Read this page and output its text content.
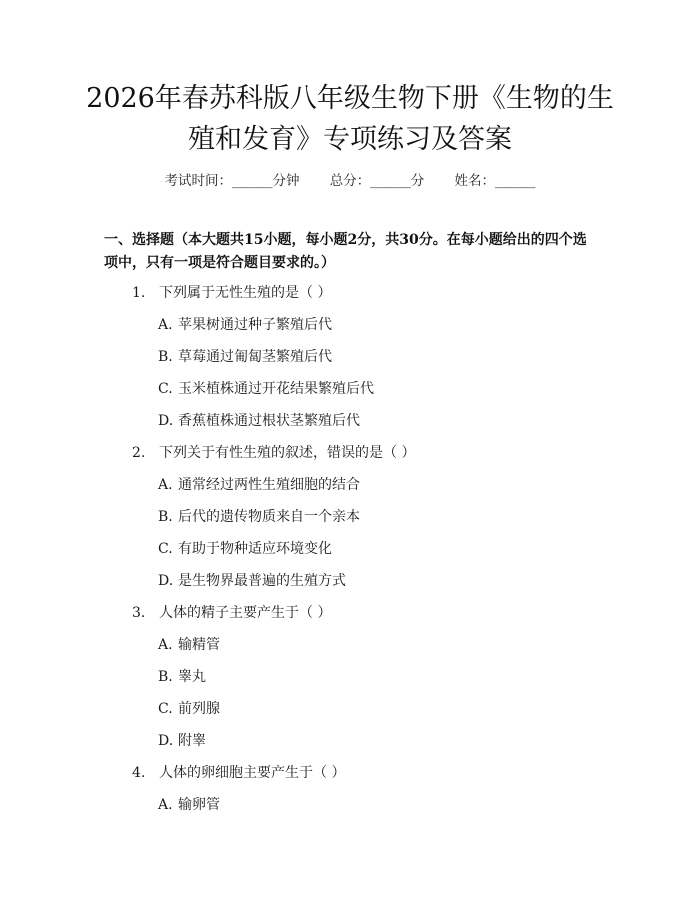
2026年春苏科版八年级生物下册《生物的生
殖和发育》专项练习及答案
考试时间：______分钟 总分：______分 姓名：______
一、选择题（本大题共15小题，每小题2分，共30分。在每小题给出的四个选
项中，只有一项是符合题目要求的。）
1. 下列属于无性生殖的是（ ）
A. 苹果树通过种子繁殖后代
B. 草莓通过匍匐茎繁殖后代
C. 玉米植株通过开花结果繁殖后代
D. 香蕉植株通过根状茎繁殖后代
2. 下列关于有性生殖的叙述，错误的是（ ）
A. 通常经过两性生殖细胞的结合
B. 后代的遗传物质来自一个亲本
C. 有助于物种适应环境变化
D. 是生物界最普遍的生殖方式
3. 人体的精子主要产生于（ ）
A. 输精管
B. 睾丸
C. 前列腺
D. 附睾
4. 人体的卵细胞主要产生于（ ）
A. 输卵管
